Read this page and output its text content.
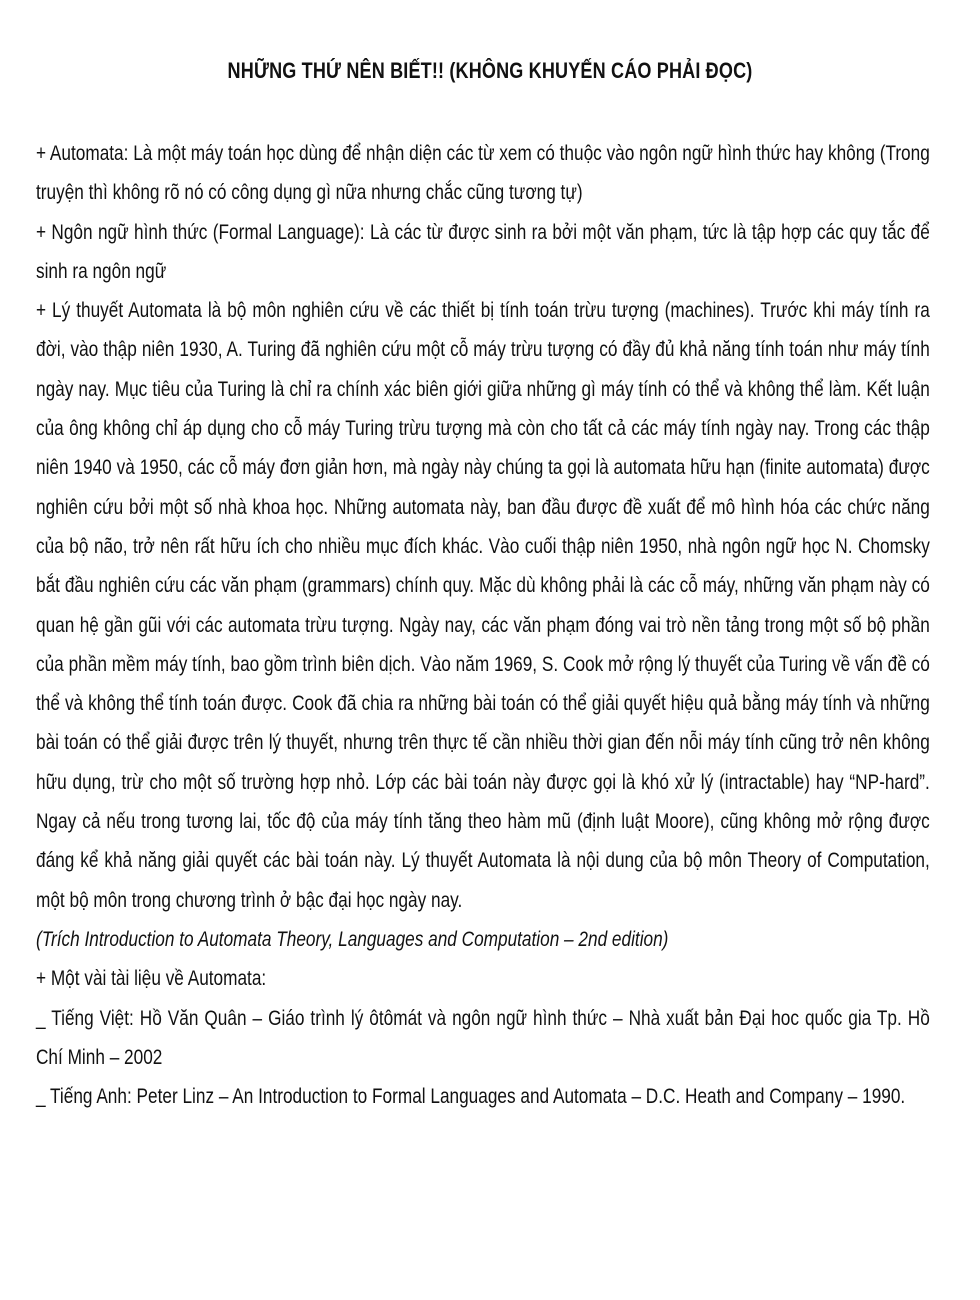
NHỮNG THỨ NÊN BIẾT!! (KHÔNG KHUYẾN CÁO PHẢI ĐỌC)

+ Automata: Là một máy toán học dùng để nhận diện các từ xem có thuộc vào ngôn ngữ hình thức hay không (Trong truyện thì không rõ nó có công dụng gì nữa nhưng chắc cũng tương tự)

+ Ngôn ngữ hình thức (Formal Language): Là các từ được sinh ra bởi một văn phạm, tức là tập hợp các quy tắc để sinh ra ngôn ngữ

+ Lý thuyết Automata là bộ môn nghiên cứu về các thiết bị tính toán trừu tượng (machines). Trước khi máy tính ra đời, vào thập niên 1930, A. Turing đã nghiên cứu một cỗ máy trừu tượng có đầy đủ khả năng tính toán như máy tính ngày nay. Mục tiêu của Turing là chỉ ra chính xác biên giới giữa những gì máy tính có thể và không thể làm. Kết luận của ông không chỉ áp dụng cho cỗ máy Turing trừu tượng mà còn cho tất cả các máy tính ngày nay. Trong các thập niên 1940 và 1950, các cỗ máy đơn giản hơn, mà ngày này chúng ta gọi là automata hữu hạn (finite automata) được nghiên cứu bởi một số nhà khoa học. Những automata này, ban đầu được đề xuất để mô hình hóa các chức năng của bộ não, trở nên rất hữu ích cho nhiều mục đích khác. Vào cuối thập niên 1950, nhà ngôn ngữ học N. Chomsky bắt đầu nghiên cứu các văn phạm (grammars) chính quy. Mặc dù không phải là các cỗ máy, những văn phạm này có quan hệ gần gũi với các automata trừu tượng. Ngày nay, các văn phạm đóng vai trò nền tảng trong một số bộ phần của phần mềm máy tính, bao gồm trình biên dịch. Vào năm 1969, S. Cook mở rộng lý thuyết của Turing về vấn đề có thể và không thể tính toán được. Cook đã chia ra những bài toán có thể giải quyết hiệu quả bằng máy tính và những bài toán có thể giải được trên lý thuyết, nhưng trên thực tế cần nhiều thời gian đến nỗi máy tính cũng trở nên không hữu dụng, trừ cho một số trường hợp nhỏ. Lớp các bài toán này được gọi là khó xử lý (intractable) hay “NP-hard”. Ngay cả nếu trong tương lai, tốc độ của máy tính tăng theo hàm mũ (định luật Moore), cũng không mở rộng được đáng kể khả năng giải quyết các bài toán này. Lý thuyết Automata là nội dung của bộ môn Theory of Computation, một bộ môn trong chương trình ở bậc đại học ngày nay.

(Trích Introduction to Automata Theory, Languages and Computation – 2nd edition)

+ Một vài tài liệu về Automata:

_ Tiếng Việt: Hồ Văn Quân – Giáo trình lý ôtômát và ngôn ngữ hình thức – Nhà xuất bản Đại hoc quốc gia Tp. Hồ Chí Minh – 2002

_ Tiếng Anh: Peter Linz – An Introduction to Formal Languages and Automata – D.C. Heath and Company – 1990.
